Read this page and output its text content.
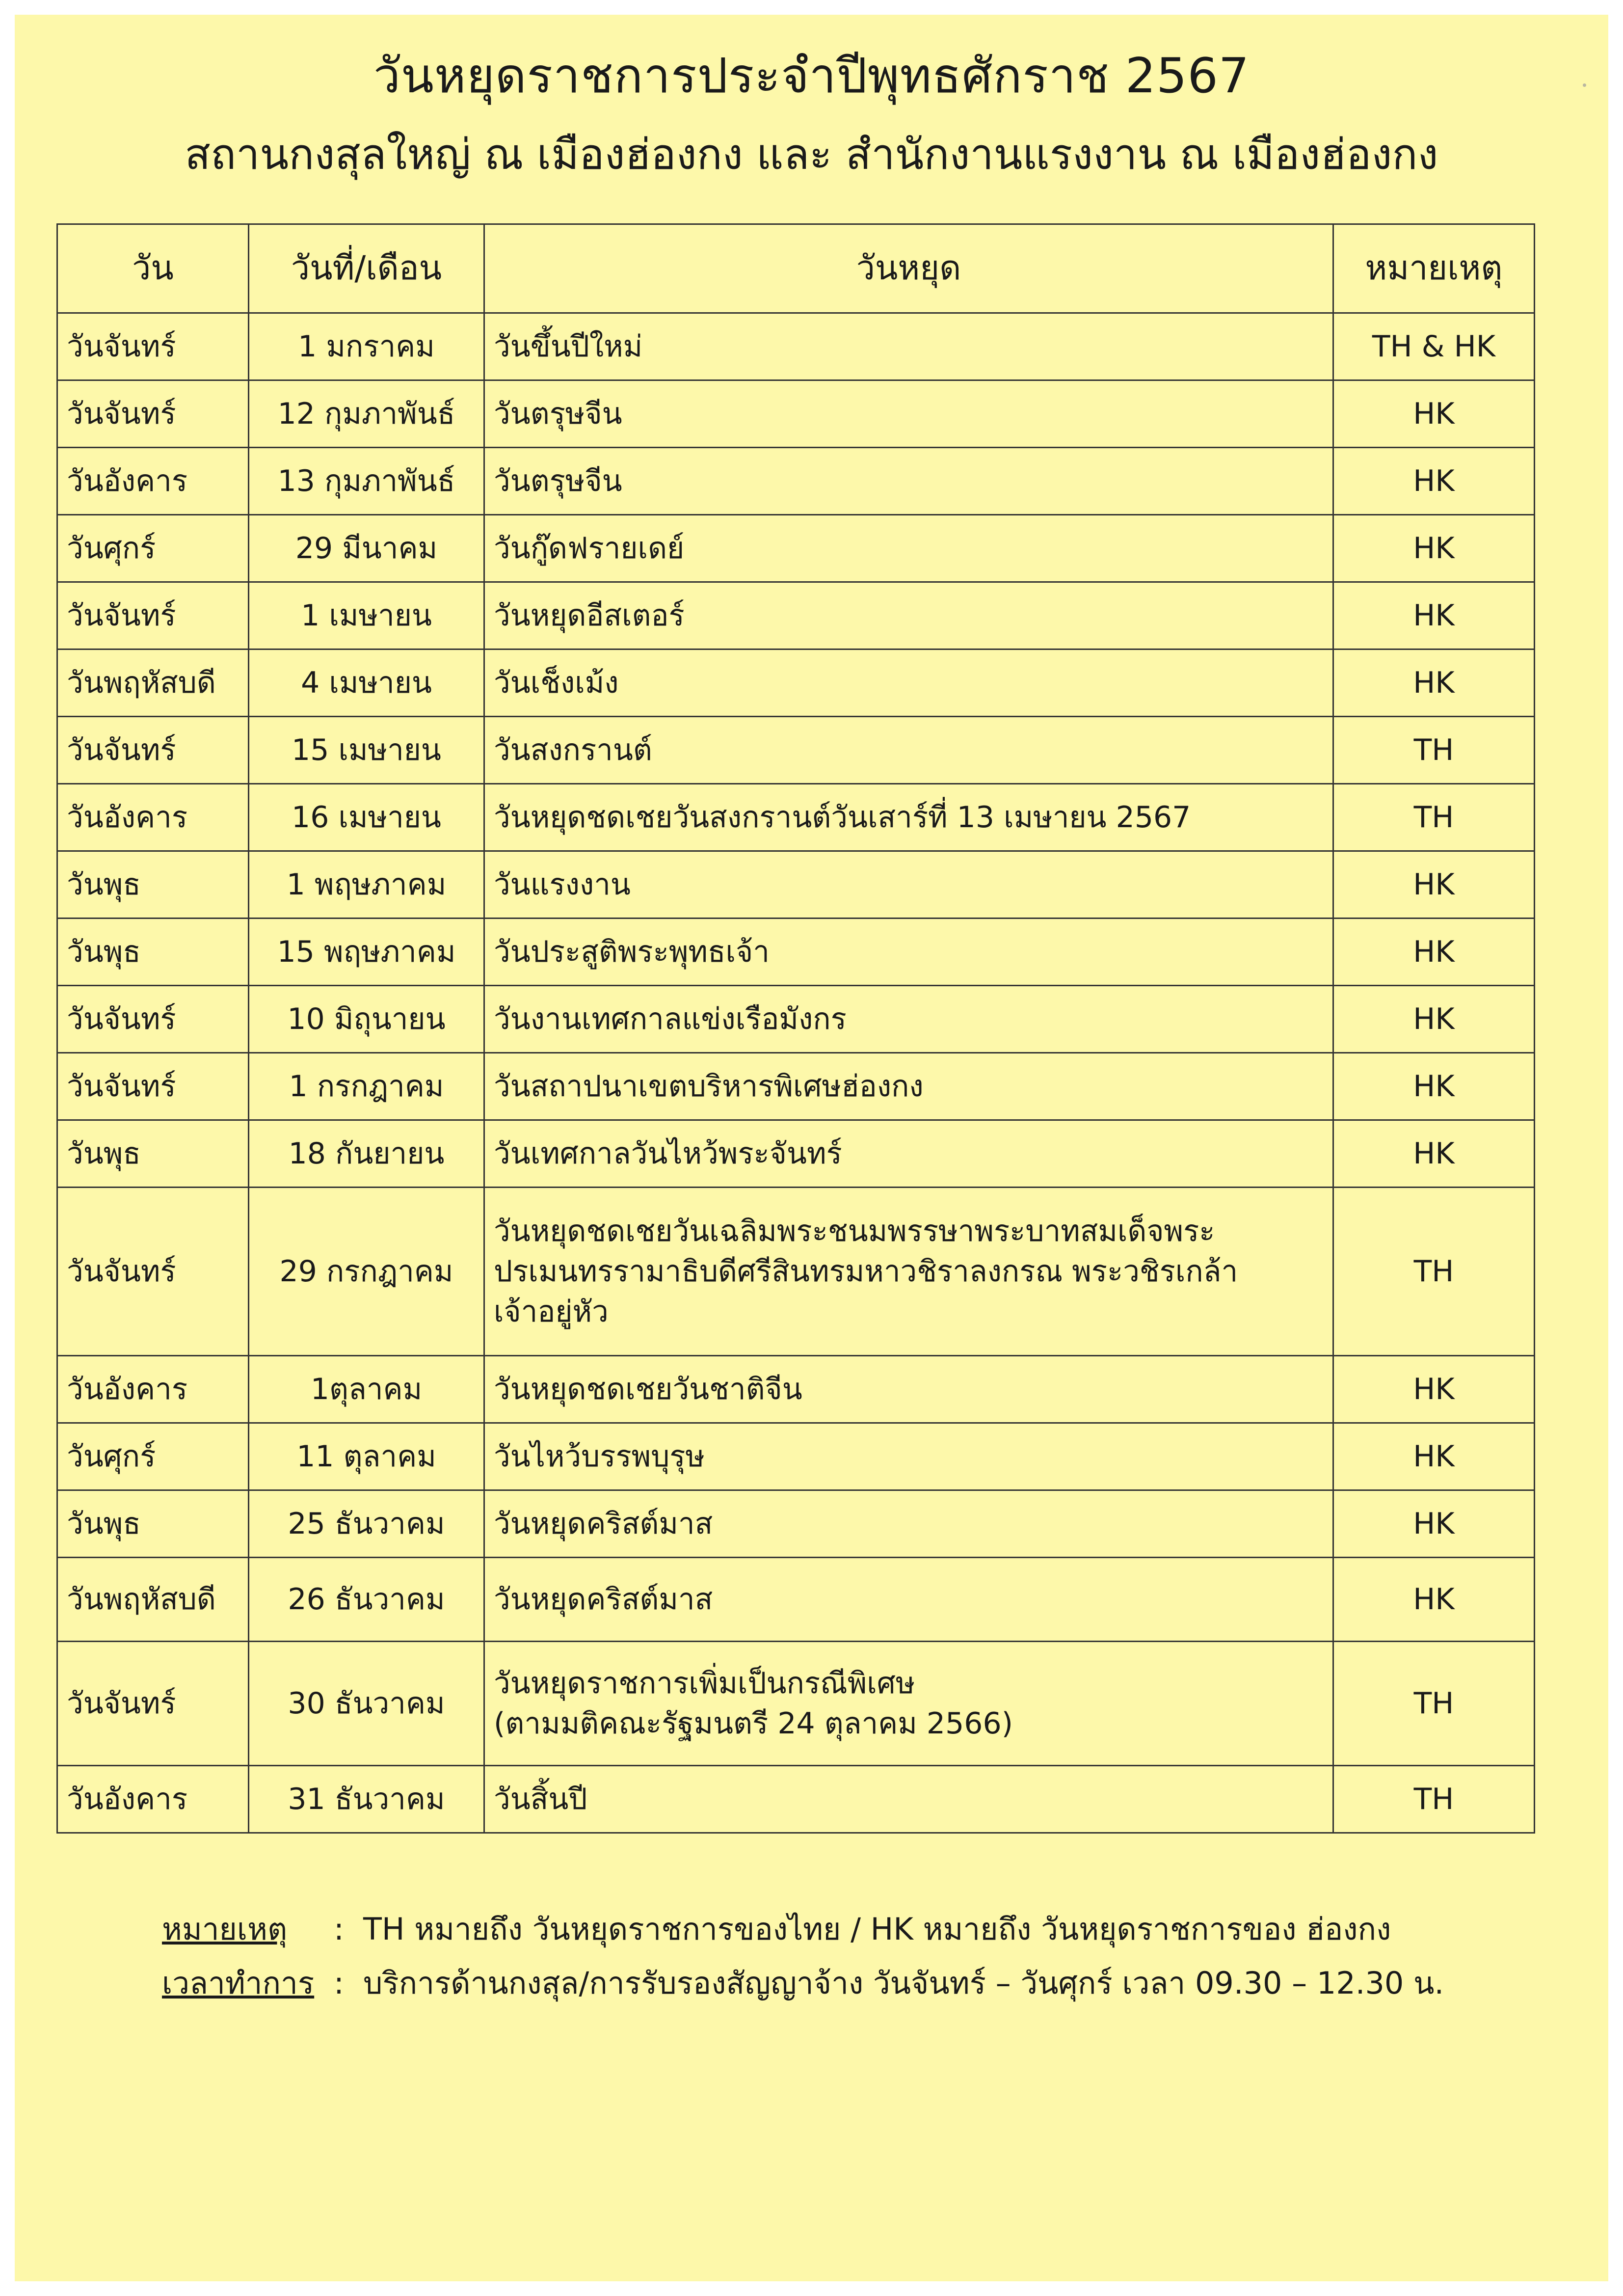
วันหยุดราชการประจำปีพุทธศักราช 2567
สถานกงสุลใหญ่ ณ เมืองฮ่องกง และ สำนักงานแรงงาน ณ เมืองฮ่องกง
วัน	วันที่/เดือน	วันหยุด	หมายเหตุ
วันจันทร์	1 มกราคม	วันขึ้นปีใหม่	TH & HK
วันจันทร์	12 กุมภาพันธ์	วันตรุษจีน	HK
วันอังคาร	13 กุมภาพันธ์	วันตรุษจีน	HK
วันศุกร์	29 มีนาคม	วันกู๊ดฟรายเดย์	HK
วันจันทร์	1 เมษายน	วันหยุดอีสเตอร์	HK
วันพฤหัสบดี	4 เมษายน	วันเช็งเม้ง	HK
วันจันทร์	15 เมษายน	วันสงกรานต์	TH
วันอังคาร	16 เมษายน	วันหยุดชดเชยวันสงกรานต์วันเสาร์ที่ 13 เมษายน 2567	TH
วันพุธ	1 พฤษภาคม	วันแรงงาน	HK
วันพุธ	15 พฤษภาคม	วันประสูติพระพุทธเจ้า	HK
วันจันทร์	10 มิถุนายน	วันงานเทศกาลแข่งเรือมังกร	HK
วันจันทร์	1 กรกฎาคม	วันสถาปนาเขตบริหารพิเศษฮ่องกง	HK
วันพุธ	18 กันยายน	วันเทศกาลวันไหว้พระจันทร์	HK
วันจันทร์	29 กรกฎาคม	วันหยุดชดเชยวันเฉลิมพระชนมพรรษาพระบาทสมเด็จพระ
ปรเมนทรรามาธิบดีศรีสินทรมหาวชิราลงกรณ พระวชิรเกล้า
เจ้าอยู่หัว	TH
วันอังคาร	1ตุลาคม	วันหยุดชดเชยวันชาติจีน	HK
วันศุกร์	11 ตุลาคม	วันไหว้บรรพบุรุษ	HK
วันพุธ	25 ธันวาคม	วันหยุดคริสต์มาส	HK
วันพฤหัสบดี	26 ธันวาคม	วันหยุดคริสต์มาส	HK
วันจันทร์	30 ธันวาคม	วันหยุดราชการเพิ่มเป็นกรณีพิเศษ
(ตามมติคณะรัฐมนตรี 24 ตุลาคม 2566)	TH
วันอังคาร	31 ธันวาคม	วันสิ้นปี	TH
หมายเหตุ : TH หมายถึง วันหยุดราชการของไทย / HK หมายถึง วันหยุดราชการของ ฮ่องกง
เวลาทำการ : บริการด้านกงสุล/การรับรองสัญญาจ้าง วันจันทร์ – วันศุกร์ เวลา 09.30 – 12.30 น.
